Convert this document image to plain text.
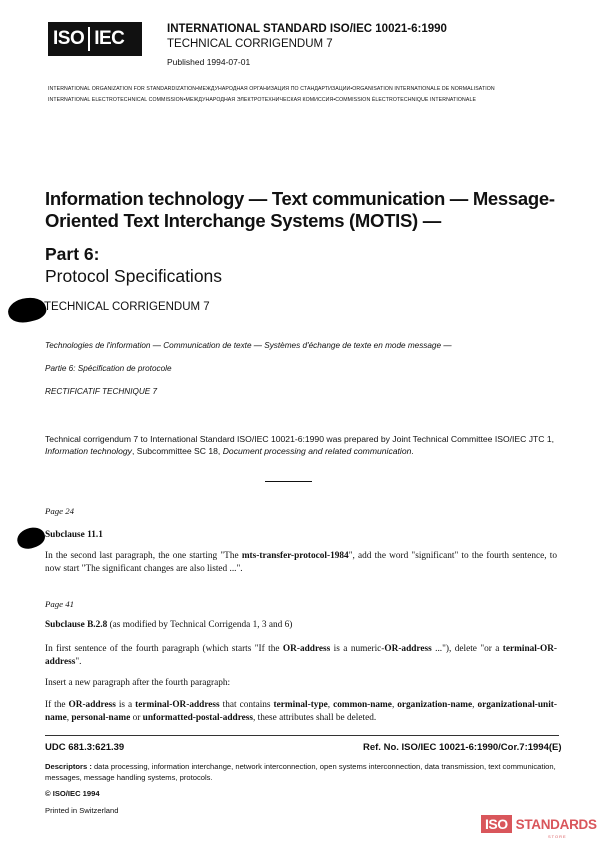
ISO IEC	INTERNATIONAL STANDARD ISO/IEC 10021-6:1990
TECHNICAL CORRIGENDUM 7
Published 1994-07-01
INTERNATIONAL ORGANIZATION FOR STANDARDIZATION•МЕЖДУНАРОДНАЯ ОРГАНИЗАЦИЯ ПО СТАНДАРТИЗАЦИИ•ORGANISATION INTERNATIONALE DE NORMALISATION
INTERNATIONAL ELECTROTECHNICAL COMMISSION•МЕЖДУНАРОДНАЯ ЭЛЕКТРОТЕХНИЧЕСКАЯ КОМИССИЯ•COMMISSION ÉLECTROTECHNIQUE INTERNATIONALE
Information technology — Text communication — Message-Oriented Text Interchange Systems (MOTIS) —
Part 6:
Protocol Specifications
TECHNICAL CORRIGENDUM 7
Technologies de l'information — Communication de texte — Systèmes d'échange de texte en mode message —
Partie 6: Spécification de protocole
RECTIFICATIF TECHNIQUE 7
Technical corrigendum 7 to International Standard ISO/IEC 10021-6:1990 was prepared by Joint Technical Committee ISO/IEC JTC 1, Information technology, Subcommittee SC 18, Document processing and related communication.
Page 24
Subclause 11.1
In the second last paragraph, the one starting "The mts-transfer-protocol-1984", add the word "significant" to the fourth sentence, to now start "The significant changes are also listed ...".
Page 41
Subclause B.2.8 (as modified by Technical Corrigenda 1, 3 and 6)
In first sentence of the fourth paragraph (which starts "If the OR-address is a numeric-OR-address ..."), delete "or a terminal-OR-address".
Insert a new paragraph after the fourth paragraph:
If the OR-address is a terminal-OR-address that contains terminal-type, common-name, organization-name, organizational-unit-name, personal-name or unformatted-postal-address, these attributes shall be deleted.
UDC 681.3:621.39	Ref. No. ISO/IEC 10021-6:1990/Cor.7:1994(E)
Descriptors : data processing, information interchange, network interconnection, open systems interconnection, data transmission, text communication, messages, message handling systems, protocols.
© ISO/IEC 1994
Printed in Switzerland
ISO STANDARDS
STORE
